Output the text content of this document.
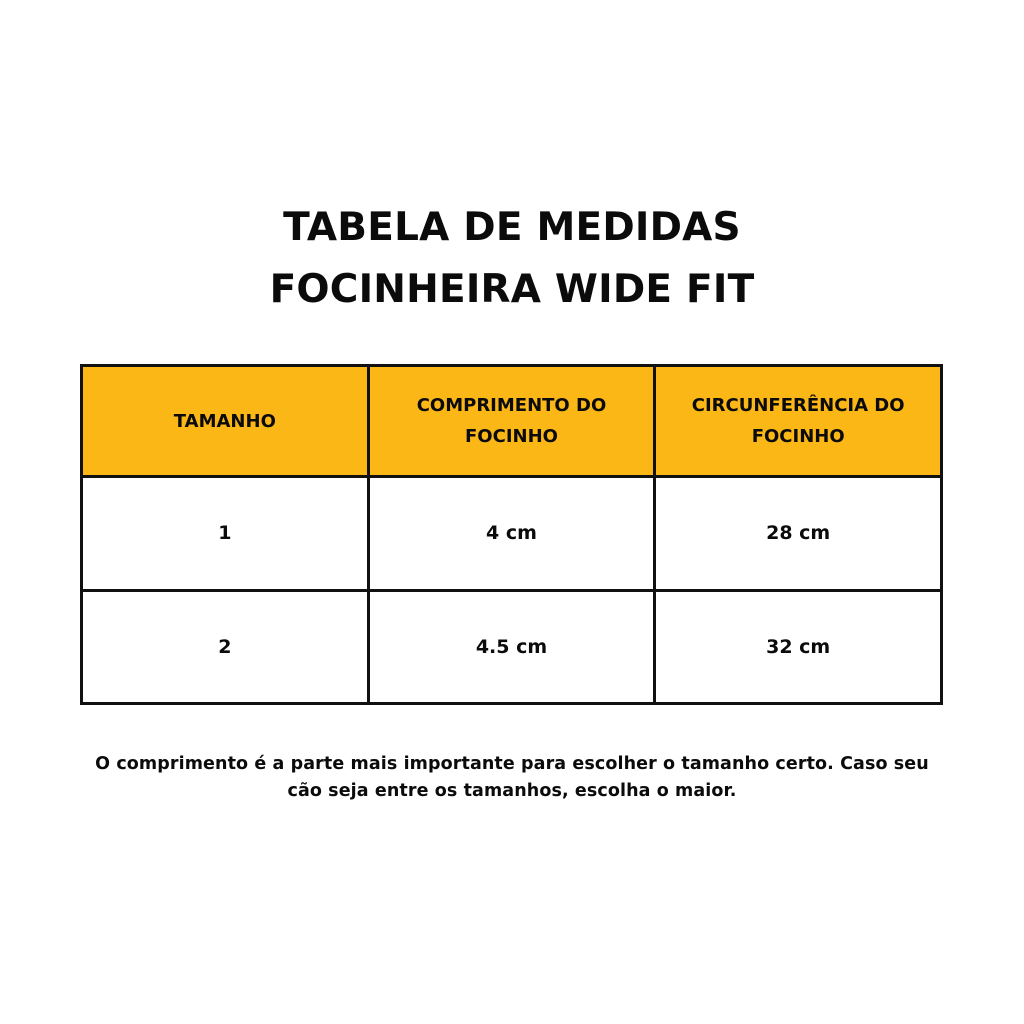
TABELA DE MEDIDAS
FOCINHEIRA WIDE FIT
TAMANHO	COMPRIMENTO DO FOCINHO	CIRCUNFERÊNCIA DO FOCINHO
1	4 cm	28 cm
2	4.5 cm	32 cm
O comprimento é a parte mais importante para escolher o tamanho certo. Caso seu
cão seja entre os tamanhos, escolha o maior.
